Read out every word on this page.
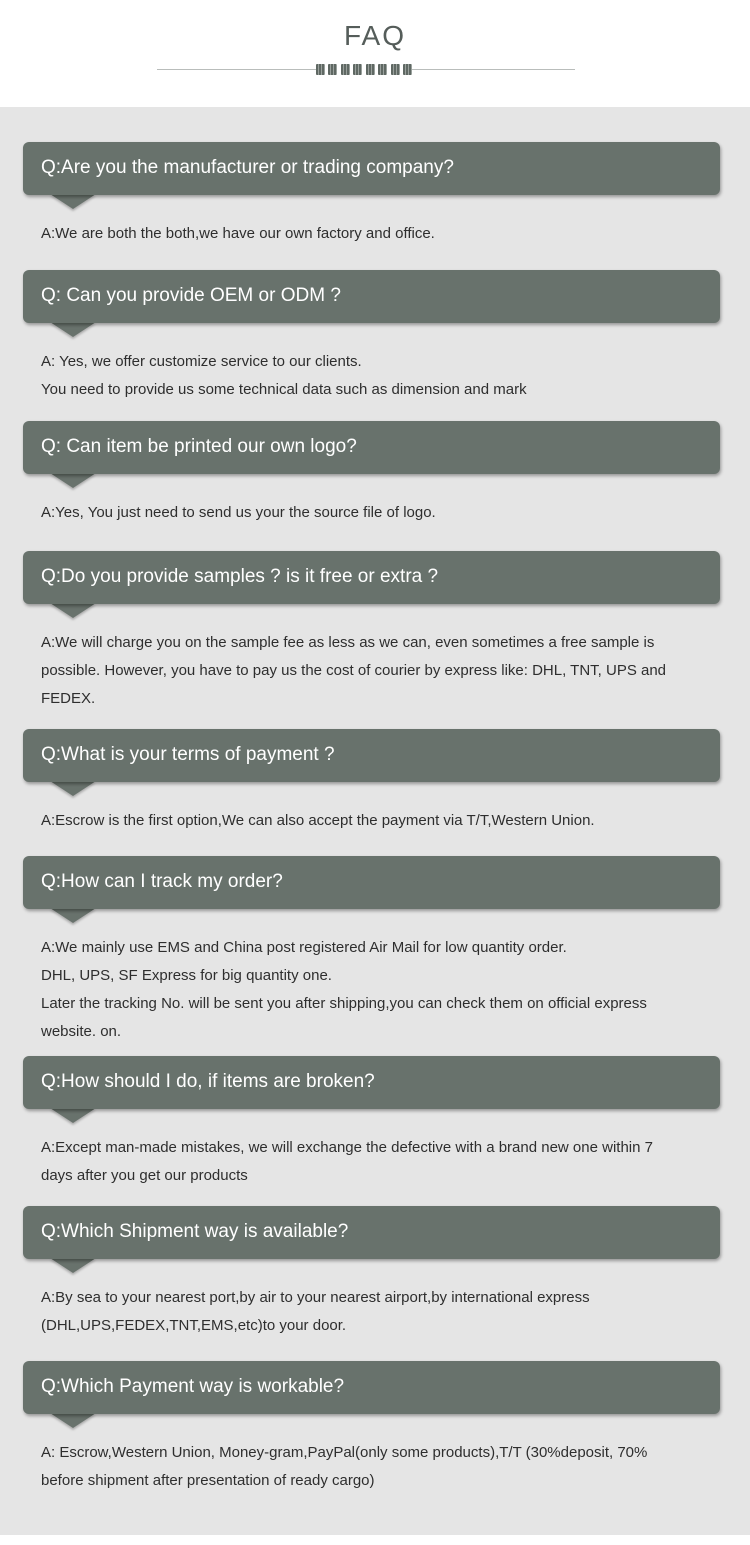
FAQ
Q:Are you the manufacturer or trading company?
A:We are both the both,we have our own factory and office.
Q: Can you provide OEM or ODM ?
A: Yes, we offer customize service to our clients.
You need to provide us some technical data such as dimension and mark
Q: Can item be printed our own logo?
A:Yes, You just need to send us your the source file of logo.
Q:Do you provide samples ? is it free or extra ?
A:We will charge you on the sample fee as less as we can, even sometimes a free sample is
possible. However, you have to pay us the cost of courier by express like: DHL, TNT, UPS and
FEDEX.
Q:What is your terms of payment ?
A:Escrow is the first option,We can also accept the payment via T/T,Western Union.
Q:How can I track my order?
A:We mainly use EMS and China post registered Air Mail for low quantity order.
DHL, UPS, SF Express for big quantity one.
Later the tracking No. will be sent you after shipping,you can check them on official express
website. on.
Q:How should I do, if items are broken?
A:Except man-made mistakes, we will exchange the defective with a brand new one within 7
days after you get our products
Q:Which Shipment way is available?
A:By sea to your nearest port,by air to your nearest airport,by international express
(DHL,UPS,FEDEX,TNT,EMS,etc)to your door.
Q:Which Payment way is workable?
A: Escrow,Western Union, Money-gram,PayPal(only some products),T/T (30%deposit, 70%
before shipment after presentation of ready cargo)
